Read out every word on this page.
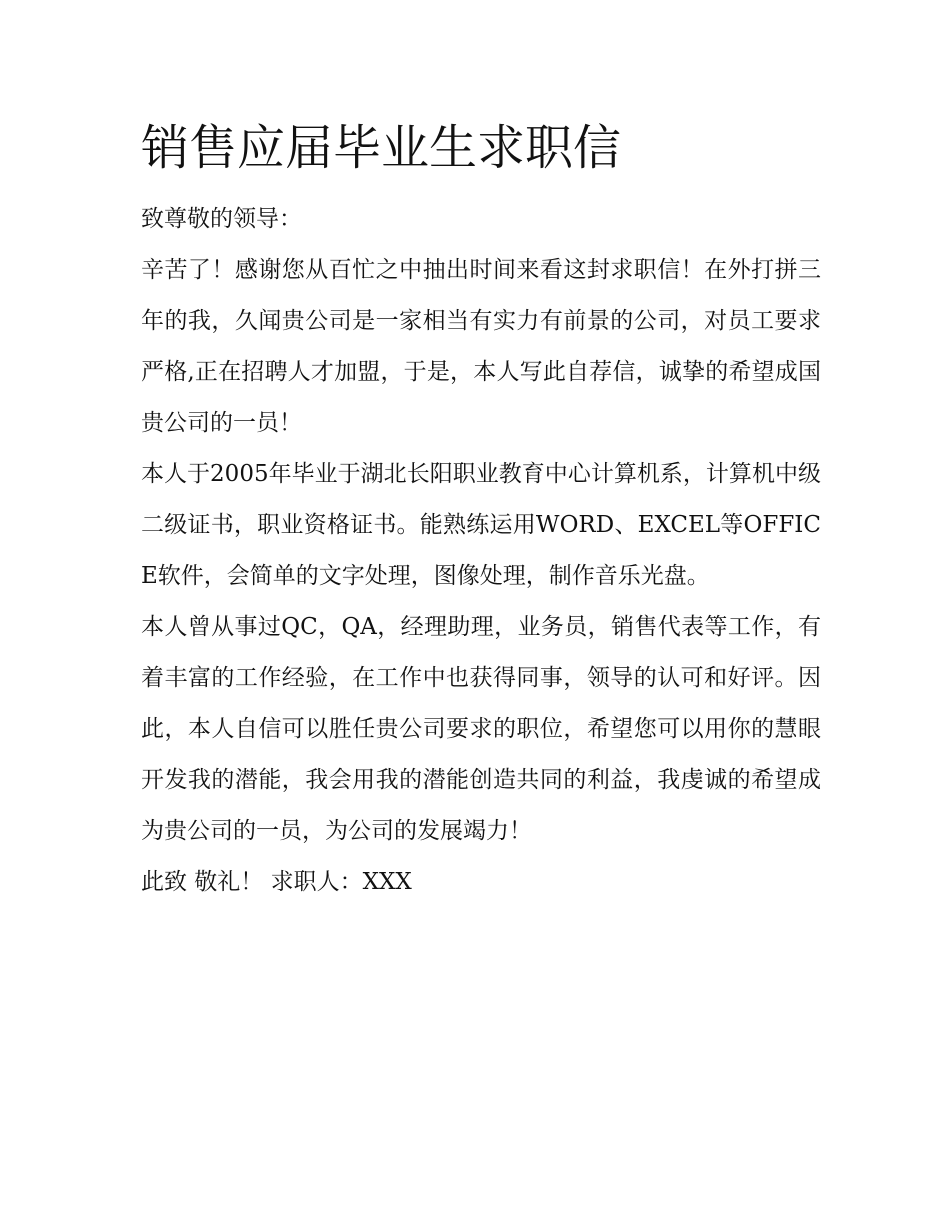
销售应届毕业生求职信

致尊敬的领导：

辛苦了！感谢您从百忙之中抽出时间来看这封求职信！在外打拼三年的我，久闻贵公司是一家相当有实力有前景的公司，对员工要求严格,正在招聘人才加盟，于是，本人写此自荐信，诚挚的希望成国贵公司的一员！

本人于2005年毕业于湖北长阳职业教育中心计算机系，计算机中级二级证书，职业资格证书。能熟练运用WORD、EXCEL等OFFICE软件，会简单的文字处理，图像处理，制作音乐光盘。

本人曾从事过QC，QA，经理助理，业务员，销售代表等工作，有着丰富的工作经验，在工作中也获得同事，领导的认可和好评。因此，本人自信可以胜任贵公司要求的职位，希望您可以用你的慧眼开发我的潜能，我会用我的潜能创造共同的利益，我虔诚的希望成为贵公司的一员，为公司的发展竭力！

此致 敬礼！ 求职人：XXX
